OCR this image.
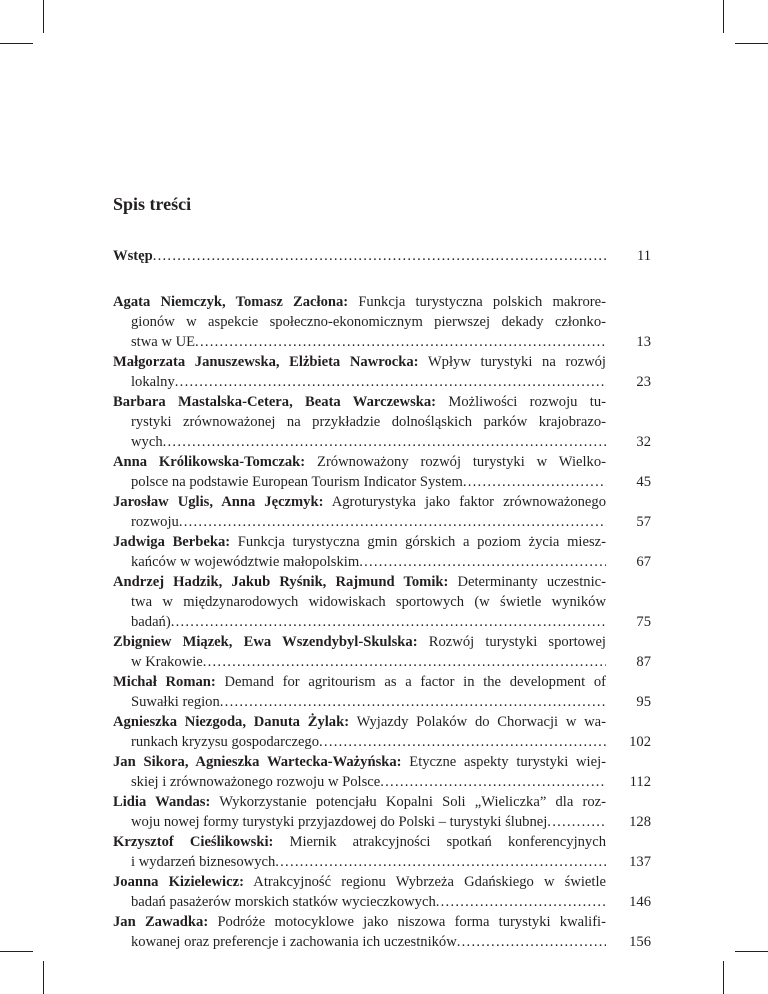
Spis treści
Wstęp . . .	11
Agata Niemczyk, Tomasz Zacłona: Funkcja turystyczna polskich makrore-
gionów w aspekcie społeczno-ekonomicznym pierwszej dekady członko-
stwa w UE . . .	13
Małgorzata Januszewska, Elżbieta Nawrocka: Wpływ turystyki na rozwój
lokalny . . .	23
Barbara Mastalska-Cetera, Beata Warczewska: Możliwości rozwoju tu-
rystyki zrównoważonej na przykładzie dolnośląskich parków krajobrazo-
wych . . .	32
Anna Królikowska-Tomczak: Zrównoważony rozwój turystyki w Wielko-
polsce na podstawie European Tourism Indicator System . . .	45
Jarosław Uglis, Anna Jęczmyk: Agroturystyka jako faktor zrównoważonego
rozwoju . . .	57
Jadwiga Berbeka: Funkcja turystyczna gmin górskich a poziom życia miesz-
kańców w województwie małopolskim . . .	67
Andrzej Hadzik, Jakub Ryśnik, Rajmund Tomik: Determinanty uczestnic-
twa w międzynarodowych widowiskach sportowych (w świetle wyników
badań) . . .	75
Zbigniew Miązek, Ewa Wszendybyl-Skulska: Rozwój turystyki sportowej
w Krakowie . . .	87
Michał Roman: Demand for agritourism as a factor in the development of
Suwałki region . . .	95
Agnieszka Niezgoda, Danuta Żylak: Wyjazdy Polaków do Chorwacji w wa-
runkach kryzysu gospodarczego . . .	102
Jan Sikora, Agnieszka Wartecka-Ważyńska: Etyczne aspekty turystyki wiej-
skiej i zrównoważonego rozwoju w Polsce . . .	112
Lidia Wandas: Wykorzystanie potencjału Kopalni Soli „Wieliczka” dla roz-
woju nowej formy turystyki przyjazdowej do Polski – turystyki ślubnej . . .	128
Krzysztof Cieślikowski: Miernik atrakcyjności spotkań konferencyjnych
i wydarzeń biznesowych . . .	137
Joanna Kizielewicz: Atrakcyjność regionu Wybrzeża Gdańskiego w świetle
badań pasażerów morskich statków wycieczkowych . . .	146
Jan Zawadka: Podróże motocyklowe jako niszowa forma turystyki kwalifi-
kowanej oraz preferencje i zachowania ich uczestników . . .	156
